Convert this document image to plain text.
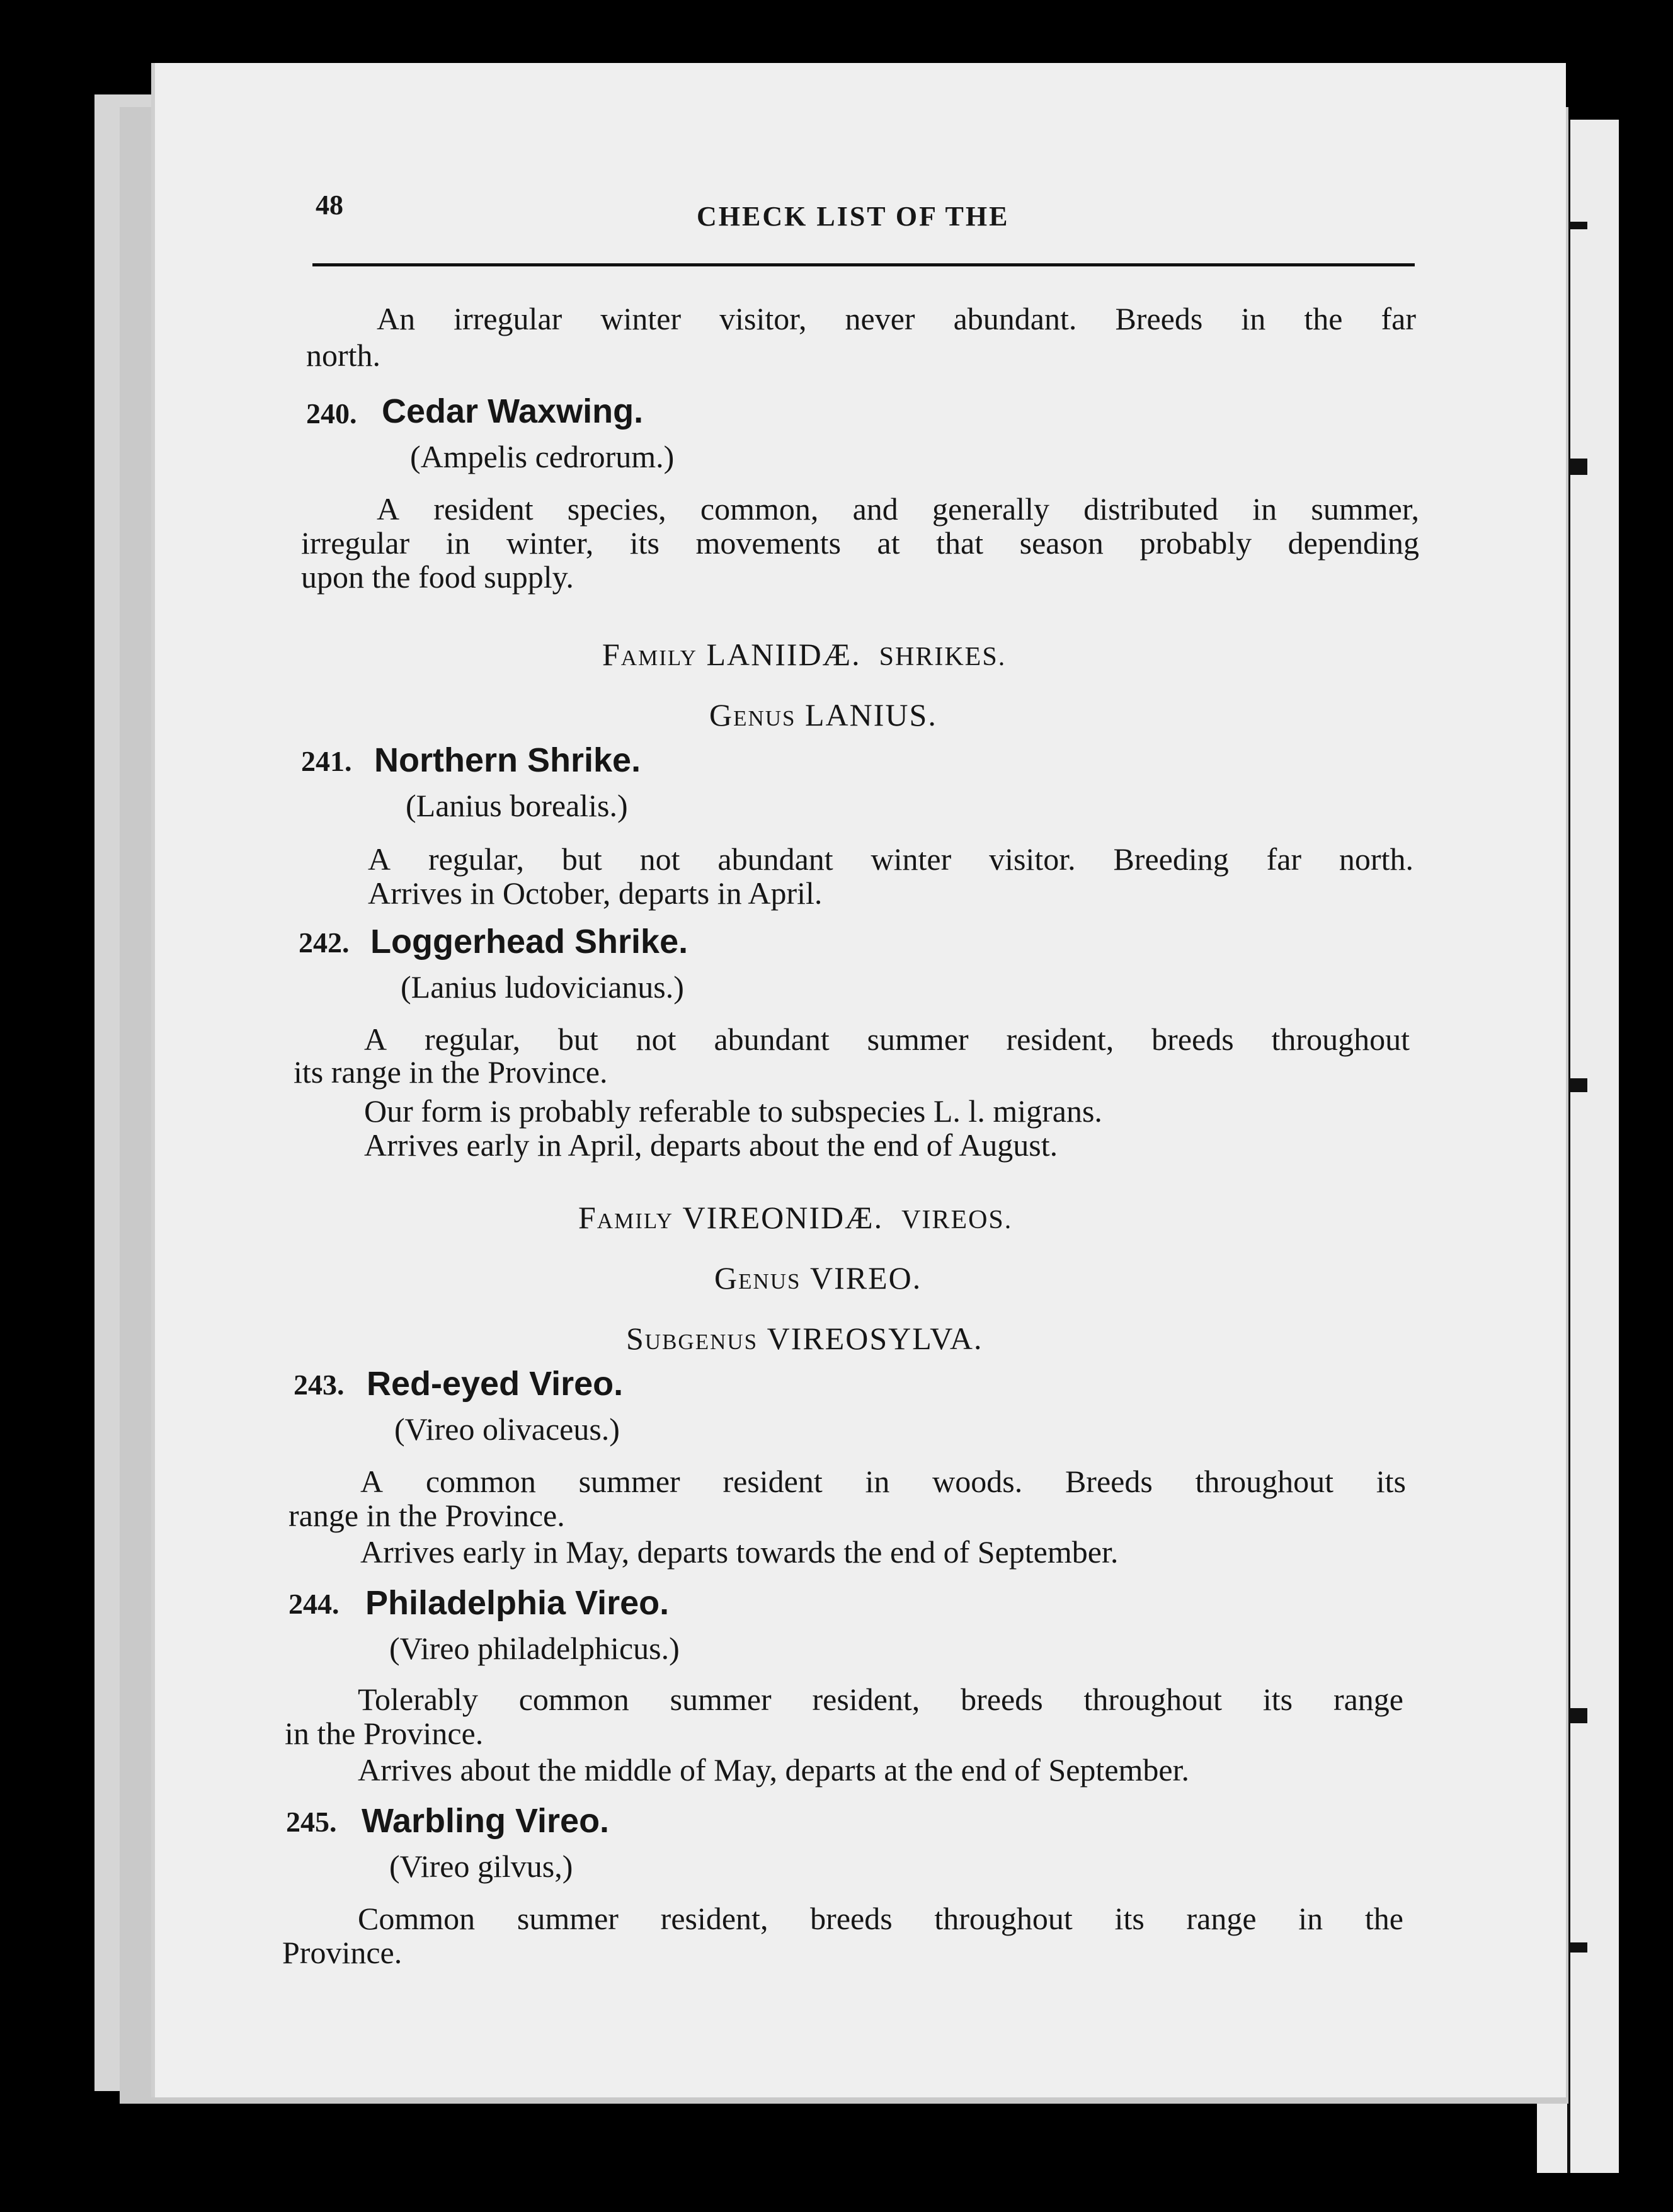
48	CHECK LIST OF THE
An irregular winter visitor, never abundant. Breeds in the far
north.
240. Cedar Waxwing.
(Ampelis cedrorum.)
A resident species, common, and generally distributed in summer,
irregular in winter, its movements at that season probably depending
upon the food supply.
Family LANIIDÆ. SHRIKES.
Genus LANIUS.
241. Northern Shrike.
(Lanius borealis.)
A regular, but not abundant winter visitor. Breeding far north.
Arrives in October, departs in April.
242. Loggerhead Shrike.
(Lanius ludovicianus.)
A regular, but not abundant summer resident, breeds throughout
its range in the Province.
Our form is probably referable to subspecies L. l. migrans.
Arrives early in April, departs about the end of August.
Family VIREONIDÆ. VIREOS.
Genus VIREO.
Subgenus VIREOSYLVA.
243. Red-eyed Vireo.
(Vireo olivaceus.)
A common summer resident in woods. Breeds throughout its
range in the Province.
Arrives early in May, departs towards the end of September.
244. Philadelphia Vireo.
(Vireo philadelphicus.)
Tolerably common summer resident, breeds throughout its range
in the Province.
Arrives about the middle of May, departs at the end of September.
245. Warbling Vireo.
(Vireo gilvus,)
Common summer resident, breeds throughout its range in the
Province.
